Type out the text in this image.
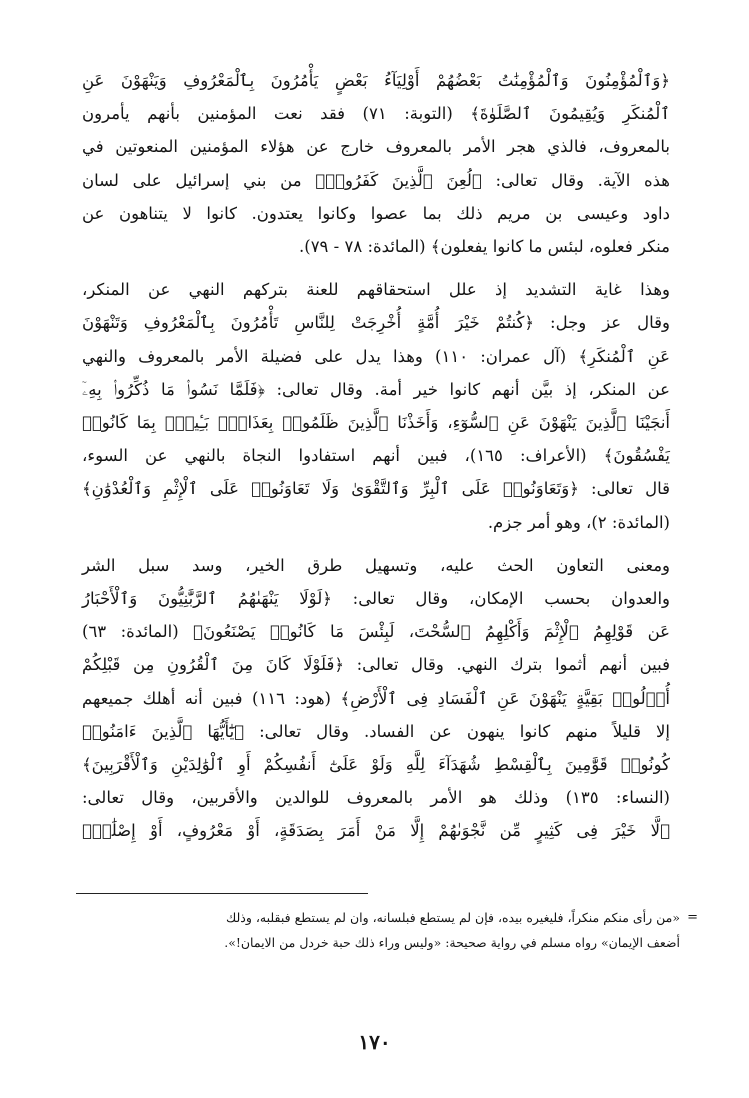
﴿وَٱلْمُؤْمِنُونَ وَٱلْمُؤْمِنَٰتُ بَعْضُهُمْ أَوْلِيَآءُ بَعْضٍ يَأْمُرُونَ بِٱلْمَعْرُوفِ وَيَنْهَوْنَ عَنِ
ٱلْمُنكَرِ وَيُقِيمُونَ ٱلصَّلَوٰةَ﴾ (التوبة: ٧١) فقد نعت المؤمنين بأنهم يأمرون
بالمعروف، فالذي هجر الأمر بالمعروف خارج عن هؤلاء المؤمنين المنعوتين في
هذه الآية. وقال تعالى: ﴿لُعِنَ ٱلَّذِينَ كَفَرُوا۟﴾ من بني إسرائيل على لسان
داود وعيسى بن مريم ذلك بما عصوا وكانوا يعتدون. كانوا لا يتناهون عن
منكر فعلوه، لبئس ما كانوا يفعلون﴾ (المائدة: ٧٨ - ٧٩).

وهذا غاية التشديد إذ علل استحقاقهم للعنة بتركهم النهي عن المنكر،
وقال عز وجل: ﴿كُنتُمْ خَيْرَ أُمَّةٍ أُخْرِجَتْ لِلنَّاسِ تَأْمُرُونَ بِٱلْمَعْرُوفِ وَتَنْهَوْنَ
عَنِ ٱلْمُنكَرِ﴾ (آل عمران: ١١٠) وهذا يدل على فضيلة الأمر بالمعروف والنهي
عن المنكر، إذ بيَّن أنهم كانوا خير أمة. وقال تعالى: ﴿فَلَمَّا نَسُوا۟ مَا ذُكِّرُوا۟ بِهِۦٓ
أَنجَيْنَا ٱلَّذِينَ يَنْهَوْنَ عَنِ ٱلسُّوٓءِ، وَأَخَذْنَا ٱلَّذِينَ ظَلَمُوا۟ بِعَذَابٍۭ بَـِٔيسٍۭ بِمَا كَانُوا۟
يَفْسُقُونَ﴾ (الأعراف: ١٦٥)، فبين أنهم استفادوا النجاة بالنهي عن السوء،
قال تعالى: ﴿وَتَعَاوَنُوا۟ عَلَى ٱلْبِرِّ وَٱلتَّقْوَىٰ وَلَا تَعَاوَنُوا۟ عَلَى ٱلْإِثْمِ وَٱلْعُدْوَٰنِ﴾
(المائدة: ٢)، وهو أمر جزم.

ومعنى التعاون الحث عليه، وتسهيل طرق الخير، وسد سبل الشر
والعدوان بحسب الإمكان، وقال تعالى: ﴿لَوْلَا يَنْهَىٰهُمُ ٱلرَّبَّٰنِيُّونَ وَٱلْأَحْبَارُ
عَن قَوْلِهِمُ ٱلْإِثْمَ وَأَكْلِهِمُ ٱلسُّحْتَ، لَبِئْسَ مَا كَانُوا۟ يَصْنَعُونَ﴾ (المائدة: ٦٣)
فبين أنهم أثموا بترك النهي. وقال تعالى: ﴿فَلَوْلَا كَانَ مِنَ ٱلْقُرُونِ مِن قَبْلِكُمْ
أُو۟لُوا۟ بَقِيَّةٍ يَنْهَوْنَ عَنِ ٱلْفَسَادِ فِى ٱلْأَرْضِ﴾ (هود: ١١٦) فبين أنه أهلك جميعهم
إلا قليلاً منهم كانوا ينهون عن الفساد. وقال تعالى: ﴿يَٰٓأَيُّهَا ٱلَّذِينَ ءَامَنُوا۟
كُونُوا۟ قَوَّٰمِينَ بِٱلْقِسْطِ شُهَدَآءَ لِلَّهِ وَلَوْ عَلَىٰٓ أَنفُسِكُمْ أَوِ ٱلْوَٰلِدَيْنِ وَٱلْأَقْرَبِينَ﴾
(النساء: ١٣٥) وذلك هو الأمر بالمعروف للوالدين والأقربين، وقال تعالى:
﴿لَّا خَيْرَ فِى كَثِيرٍ مِّن نَّجْوَىٰهُمْ إِلَّا مَنْ أَمَرَ بِصَدَقَةٍ، أَوْ مَعْرُوفٍ، أَوْ إِصْلَٰحٍۭ

=
«من رأى منكم منكراً، فليغيره بيده، فإن لم يستطع فبلسانه، وان لم يستطع فبقلبه، وذلك
أضعف الإيمان» رواه مسلم في رواية صحيحة: «وليس وراء ذلك حبة خردل من الايمان!».
١٧٠
